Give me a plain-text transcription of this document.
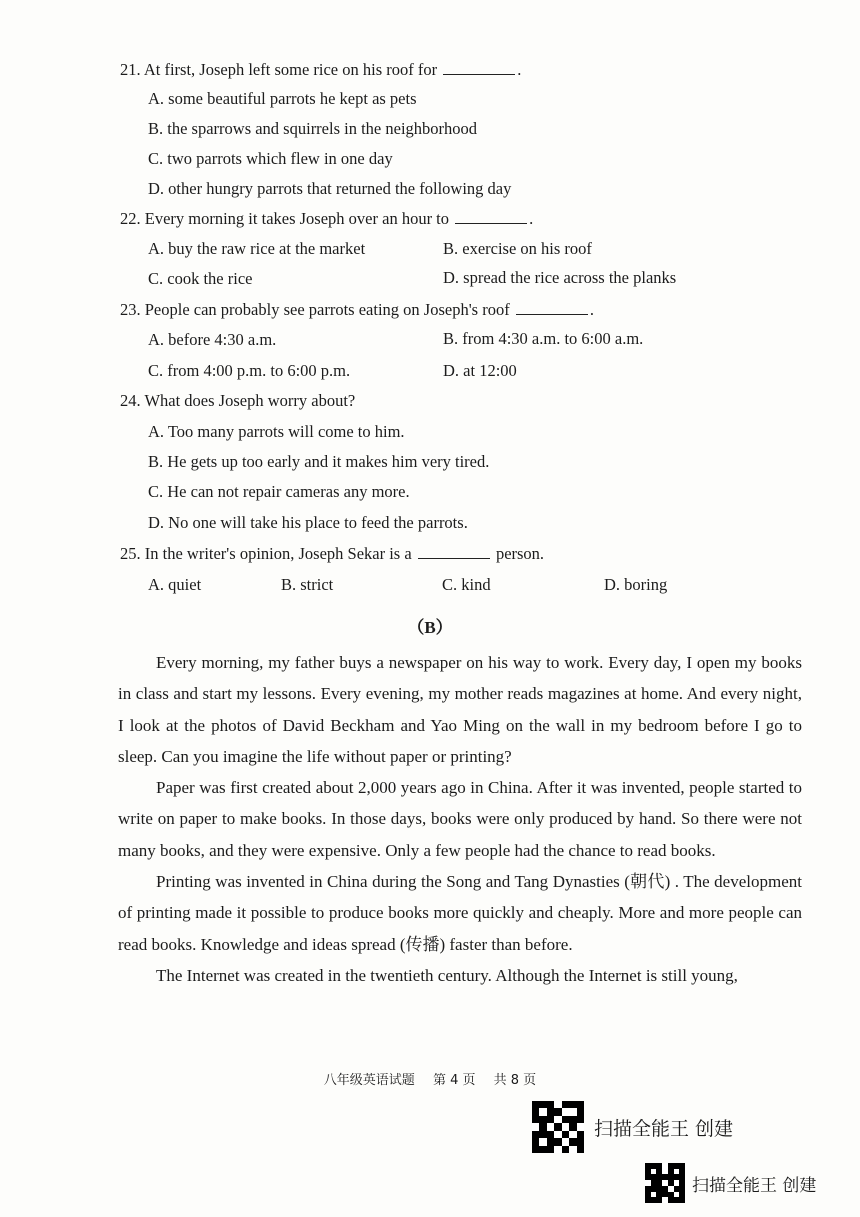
21. At first, Joseph left some rice on his roof for	.
A. some beautiful parrots he kept as pets
B. the sparrows and squirrels in the neighborhood
C. two parrots which flew in one day
D. other hungry parrots that returned the following day
22. Every morning it takes Joseph over an hour to	.
A. buy the raw rice at the market	B. exercise on his roof
C. cook the rice	D. spread the rice across the planks
23. People can probably see parrots eating on Joseph's roof	.
A. before 4:30 a.m.	B. from 4:30 a.m. to 6:00 a.m.
C. from 4:00 p.m. to 6:00 p.m.	D. at 12:00
24. What does Joseph worry about?
A. Too many parrots will come to him.
B. He gets up too early and it makes him very tired.
C. He can not repair cameras any more.
D. No one will take his place to feed the parrots.
25. In the writer's opinion, Joseph Sekar is a	person.
A. quiet	B. strict	C. kind	D. boring
（B）

Every morning, my father buys a newspaper on his way to work. Every day, I open my books in class and start my lessons. Every evening, my mother reads magazines at home. And every night, I look at the photos of David Beckham and Yao Ming on the wall in my bedroom before I go to sleep. Can you imagine the life without paper or printing?

Paper was first created about 2,000 years ago in China. After it was invented, people started to write on paper to make books. In those days, books were only produced by hand. So there were not many books, and they were expensive. Only a few people had the chance to read books.

Printing was invented in China during the Song and Tang Dynasties (朝代) . The development of printing made it possible to produce books more quickly and cheaply. More and more people can read books. Knowledge and ideas spread (传播) faster than before.

The Internet was created in the twentieth century. Although the Internet is still young,

八年级英语试题 第 4 页 共 8 页
扫描全能王 创建
扫描全能王 创建
